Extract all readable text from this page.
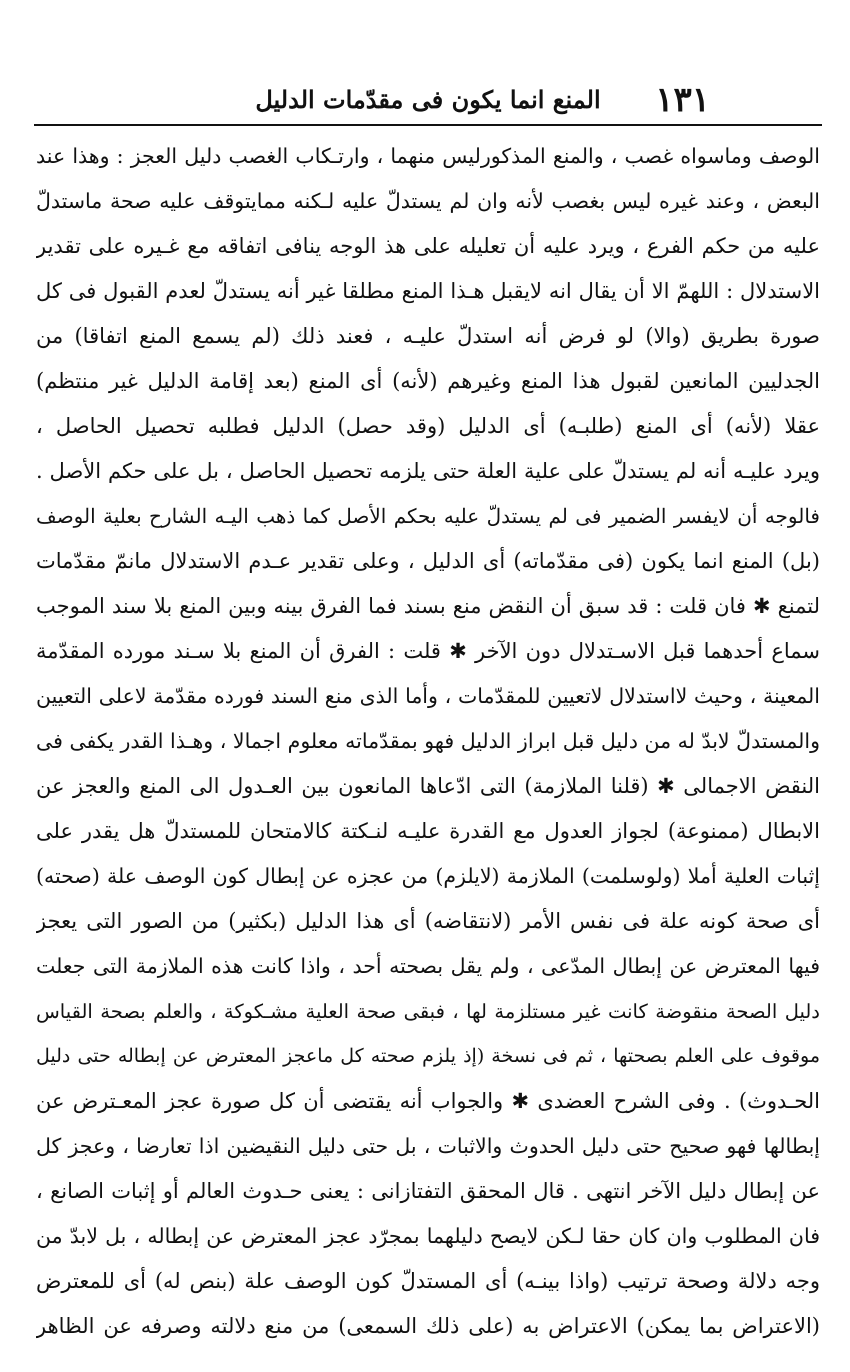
١٣١
المنع انما يكون فى مقدّمات الدليل
الوصف وماسواه غصب ، والمنع المذكورليس منهما ، وارتـكاب الغصب دليل العجز : وهذا عند
البعض ، وعند غيره ليس بغصب لأنه وان لم يستدلّ عليه لـكنه ممايتوقف عليه صحة ماستدلّ
عليه من حكم الفرع ، ويرد عليه أن تعليله على هذ الوجه ينافى اتفاقه مع غـيره على تقدير
الاستدلال : اللهمّ الا أن يقال انه لايقبل هـذا المنع مطلقا غير أنه يستدلّ لعدم القبول فى كل
صورة بطريق (والا) لو فرض أنه استدلّ عليـه ، فعند ذلك (لم يسمع المنع اتفاقا) من
الجدليين المانعين لقبول هذا المنع وغيرهم (لأنه) أى المنع (بعد إقامة الدليل غير منتظم)
عقلا (لأنه) أى المنع (طلبـه) أى الدليل (وقد حصل) الدليل فطلبه تحصيل الحاصل ،
ويرد عليـه أنه لم يستدلّ على علية العلة حتى يلزمه تحصيل الحاصل ، بل على حكم الأصل .
فالوجه أن لايفسر الضمير فى لم يستدلّ عليه بحكم الأصل كما ذهب اليـه الشارح بعلية الوصف
(بل) المنع انما يكون (فى مقدّماته) أى الدليل ، وعلى تقدير عـدم الاستدلال مانمّ مقدّمات
لتمنع ✱ فان قلت : قد سبق أن النقض منع بسند فما الفرق بينه وبين المنع بلا سند الموجب
سماع أحدهما قبل الاسـتدلال دون الآخر ✱ قلت : الفرق أن المنع بلا سـند مورده المقدّمة
المعينة ، وحيث لااستدلال لاتعيين للمقدّمات ، وأما الذى منع السند فورده مقدّمة لاعلى التعيين
والمستدلّ لابدّ له من دليل قبل ابراز الدليل فهو بمقدّماته معلوم اجمالا ، وهـذا القدر يكفى فى
النقض الاجمالى ✱ (قلنا الملازمة) التى ادّعاها المانعون بين العـدول الى المنع والعجز عن
الابطال (ممنوعة) لجواز العدول مع القدرة عليـه لنـكتة كالامتحان للمستدلّ هل يقدر على
إثبات العلية أملا (ولوسلمت) الملازمة (لايلزم) من عجزه عن إبطال كون الوصف علة (صحته)
أى صحة كونه علة فى نفس الأمر (لانتقاضه) أى هذا الدليل (بكثير) من الصور التى يعجز
فيها المعترض عن إبطال المدّعى ، ولم يقل بصحته أحد ، واذا كانت هذه الملازمة التى جعلت
دليل الصحة منقوضة كانت غير مستلزمة لها ، فبقى صحة العلية مشـكوكة ، والعلم بصحة القياس
موقوف على العلم بصحتها ، ثم فى نسخة (إذ يلزم صحته كل ماعجز المعترض عن إبطاله حتى دليل
الحـدوث) . وفى الشرح العضدى ✱ والجواب أنه يقتضى أن كل صورة عجز المعـترض عن
إبطالها فهو صحيح حتى دليل الحدوث والاثبات ، بل حتى دليل النقيضين اذا تعارضا ، وعجز كل
عن إبطال دليل الآخر انتهى . قال المحقق التفتازانى : يعنى حـدوث العالم أو إثبات الصانع ،
فان المطلوب وان كان حقا لـكن لايصح دليلهما بمجرّد عجز المعترض عن إبطاله ، بل لابدّ من
وجه دلالة وصحة ترتيب (واذا بينـه) أى المستدلّ كون الوصف علة (بنص له) أى للمعترض
(الاعتراض بما يمكن) الاعتراض به (على ذلك السمعى) من منع دلالته وصرفه عن الظاهر
